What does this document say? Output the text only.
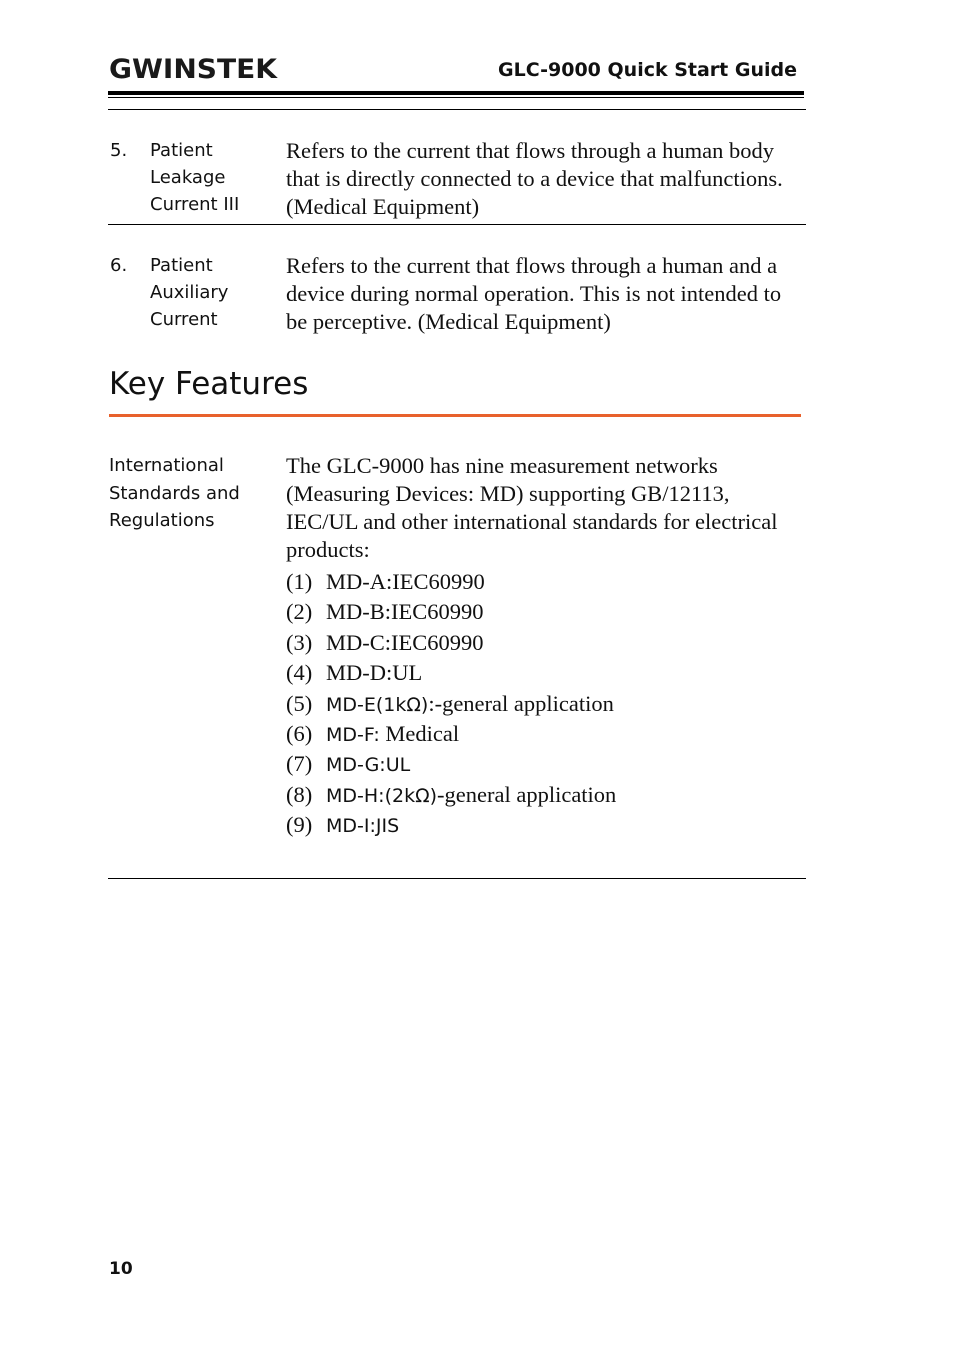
GWINSTEK	GLC-9000 Quick Start Guide
5. Patient
Leakage
Current III
Refers to the current that flows through a human body that is directly connected to a device that malfunctions. (Medical Equipment)
6. Patient
Auxiliary
Current
Refers to the current that flows through a human and a device during normal operation. This is not intended to be perceptive. (Medical Equipment)
Key Features
International
Standards and
Regulations
The GLC-9000 has nine measurement networks (Measuring Devices: MD) supporting GB/12113, IEC/UL and other international standards for electrical products:
(1) MD-A:IEC60990
(2) MD-B:IEC60990
(3) MD-C:IEC60990
(4) MD-D:UL
(5) MD-E(1kΩ):-general application
(6) MD-F: Medical
(7) MD-G:UL
(8) MD-H:(2kΩ)-general application
(9) MD-I:JIS
10
